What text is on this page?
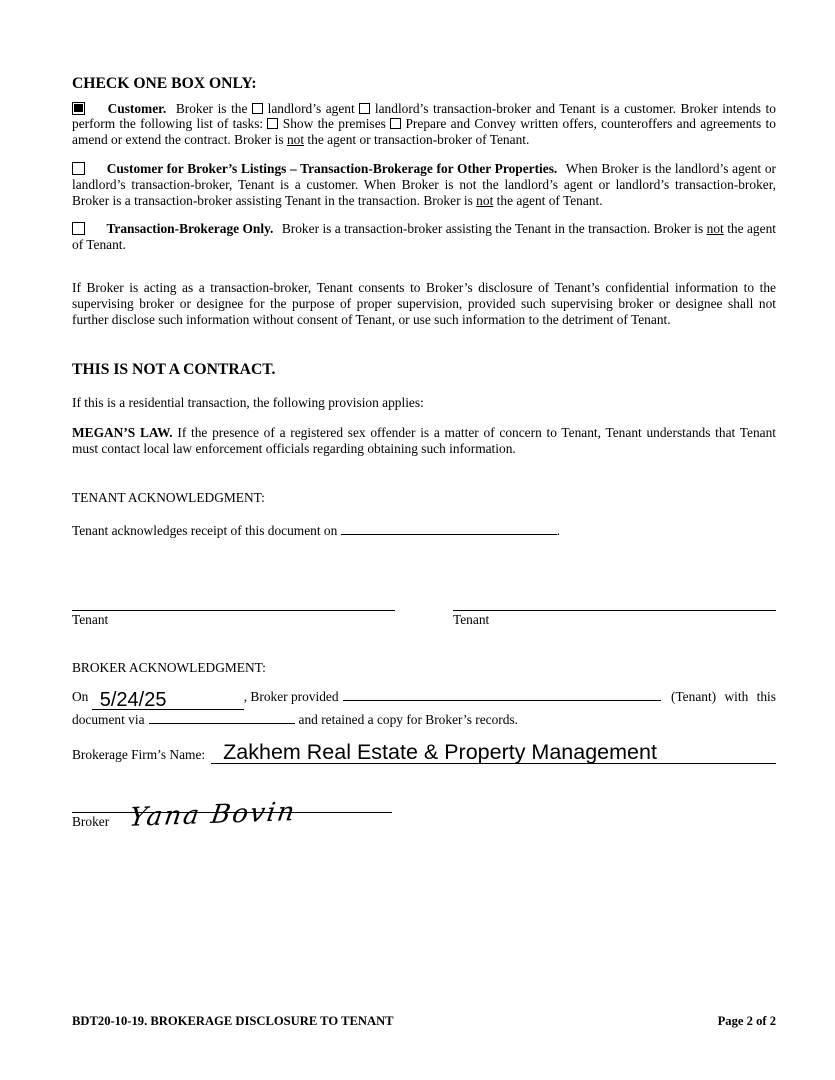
CHECK ONE BOX ONLY:

Customer. Broker is the landlord’s agent landlord’s transaction-broker and Tenant is a customer. Broker intends to perform the following list of tasks: Show the premises Prepare and Convey written offers, counteroffers and agreements to amend or extend the contract. Broker is not the agent or transaction-broker of Tenant.

Customer for Broker’s Listings – Transaction-Brokerage for Other Properties. When Broker is the landlord’s agent or landlord’s transaction-broker, Tenant is a customer. When Broker is not the landlord’s agent or landlord’s transaction-broker, Broker is a transaction-broker assisting Tenant in the transaction. Broker is not the agent of Tenant.

Transaction-Brokerage Only. Broker is a transaction-broker assisting the Tenant in the transaction. Broker is not the agent of Tenant.

If Broker is acting as a transaction-broker, Tenant consents to Broker’s disclosure of Tenant’s confidential information to the supervising broker or designee for the purpose of proper supervision, provided such supervising broker or designee shall not further disclose such information without consent of Tenant, or use such information to the detriment of Tenant.

THIS IS NOT A CONTRACT.

If this is a residential transaction, the following provision applies:

MEGAN’S LAW. If the presence of a registered sex offender is a matter of concern to Tenant, Tenant understands that Tenant must contact local law enforcement officials regarding obtaining such information.

TENANT ACKNOWLEDGMENT:

Tenant acknowledges receipt of this document on	.

Tenant	Tenant

BROKER ACKNOWLEDGMENT:

On
5/24/25	, Broker provided	(Tenant) with this
document via	and retained a copy for Broker’s records.
Brokerage Firm’s Name: Zakhem Real Estate & Property Management
Yana Bovin
Broker
BDT20-10-19. BROKERAGE DISCLOSURE TO TENANT	Page 2 of 2
